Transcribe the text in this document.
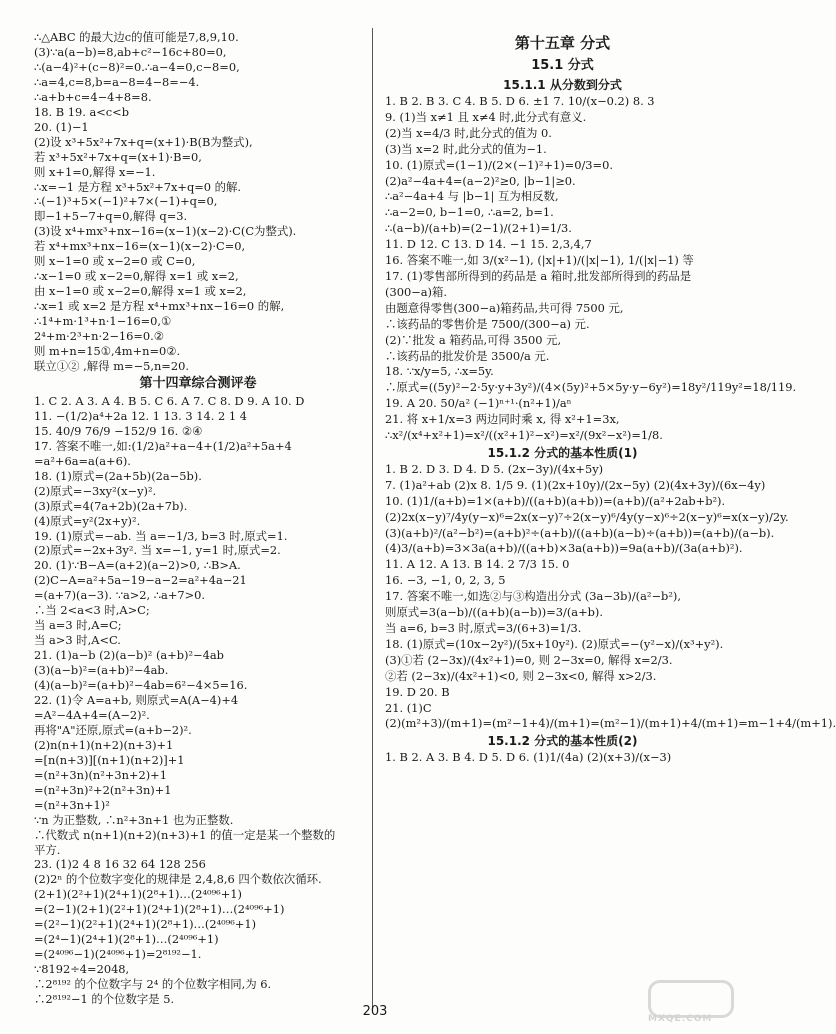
∴△ABC 的最大边c的值可能是7,8,9,10.
(3)∵a(a−b)=8,ab+c²−16c+80=0,
∴(a−4)²+(c−8)²=0.∴a−4=0,c−8=0,
∴a=4,c=8,b=a−8=4−8=−4.
∴a+b+c=4−4+8=8.
18. B 19. a<c<b
20. (1)−1
(2)设 x³+5x²+7x+q=(x+1)·B(B为整式),
若 x³+5x²+7x+q=(x+1)·B=0,
则 x+1=0,解得 x=−1.
∴x=−1 是方程 x³+5x²+7x+q=0 的解.
∴(−1)³+5×(−1)²+7×(−1)+q=0,
即−1+5−7+q=0,解得 q=3.
(3)设 x⁴+mx³+nx−16=(x−1)(x−2)·C(C为整式).
若 x⁴+mx³+nx−16=(x−1)(x−2)·C=0,
则 x−1=0 或 x−2=0 或 C=0,
∴x−1=0 或 x−2=0,解得 x=1 或 x=2,
由 x−1=0 或 x−2=0,解得 x=1 或 x=2,
∴x=1 或 x=2 是方程 x⁴+mx³+nx−16=0 的解,
∴1⁴+m·1³+n·1−16=0,①
2⁴+m·2³+n·2−16=0.②
则 m+n=15①,4m+n=0②.
联立①② ,解得 m=−5,n=20.
第十四章综合测评卷
1. C 2. A 3. A 4. B 5. C 6. A 7. C 8. D 9. A 10. D
11. −(1/2)a⁴+2a 12. 1 13. 3 14. 2 1 4
15. 40/9 76/9 −152/9 16. ②④
17. 答案不唯一,如:(1/2)a²+a−4+(1/2)a²+5a+4
=a²+6a=a(a+6).
18. (1)原式=(2a+5b)(2a−5b).
(2)原式=−3xy²(x−y)².
(3)原式=4(7a+2b)(2a+7b).
(4)原式=y²(2x+y)².
19. (1)原式=−ab. 当 a=−1/3, b=3 时,原式=1.
(2)原式=−2x+3y². 当 x=−1, y=1 时,原式=2.
20. (1)∵B−A=(a+2)(a−2)>0, ∴B>A.
(2)C−A=a²+5a−19−a−2=a²+4a−21
=(a+7)(a−3). ∵a>2, ∴a+7>0.
∴当 2<a<3 时,A>C;
当 a=3 时,A=C;
当 a>3 时,A<C.
21. (1)a−b (2)(a−b)² (a+b)²−4ab
(3)(a−b)²=(a+b)²−4ab.
(4)(a−b)²=(a+b)²−4ab=6²−4×5=16.
22. (1)令 A=a+b, 则原式=A(A−4)+4
=A²−4A+4=(A−2)².
再将"A"还原,原式=(a+b−2)².
(2)n(n+1)(n+2)(n+3)+1
=[n(n+3)][(n+1)(n+2)]+1
=(n²+3n)(n²+3n+2)+1
=(n²+3n)²+2(n²+3n)+1
=(n²+3n+1)²
∵n 为正整数, ∴n²+3n+1 也为正整数.
∴代数式 n(n+1)(n+2)(n+3)+1 的值一定是某一个整数的
平方.
23. (1)2 4 8 16 32 64 128 256
(2)2ⁿ 的个位数字变化的规律是 2,4,8,6 四个数依次循环.
(2+1)(2²+1)(2⁴+1)(2⁸+1)…(2⁴⁰⁹⁶+1)
=(2−1)(2+1)(2²+1)(2⁴+1)(2⁸+1)…(2⁴⁰⁹⁶+1)
=(2²−1)(2²+1)(2⁴+1)(2⁸+1)…(2⁴⁰⁹⁶+1)
=(2⁴−1)(2⁴+1)(2⁸+1)…(2⁴⁰⁹⁶+1)
=(2⁴⁰⁹⁶−1)(2⁴⁰⁹⁶+1)=2⁸¹⁹²−1.
∵8192÷4=2048,
∴2⁸¹⁹² 的个位数字与 2⁴ 的个位数字相同,为 6.
∴2⁸¹⁹²−1 的个位数字是 5.
第十五章 分式
15.1 分式
15.1.1 从分数到分式
1. B 2. B 3. C 4. B 5. D 6. ±1 7. 10/(x−0.2) 8. 3
9. (1)当 x≠1 且 x≠4 时,此分式有意义.
(2)当 x=4/3 时,此分式的值为 0.
(3)当 x=2 时,此分式的值为−1.
10. (1)原式=(1−1)/(2×(−1)²+1)=0/3=0.
(2)a²−4a+4=(a−2)²≥0, |b−1|≥0.
∴a²−4a+4 与 |b−1| 互为相反数,
∴a−2=0, b−1=0, ∴a=2, b=1.
∴(a−b)/(a+b)=(2−1)/(2+1)=1/3.
11. D 12. C 13. D 14. −1 15. 2,3,4,7
16. 答案不唯一,如 3/(x²−1), (|x|+1)/(|x|−1), 1/(|x|−1) 等
17. (1)零售部所得到的药品是 a 箱时,批发部所得到的药品是
(300−a)箱.
由题意得零售(300−a)箱药品,共可得 7500 元,
∴该药品的零售价是 7500/(300−a) 元.
(2)∵批发 a 箱药品,可得 3500 元,
∴该药品的批发价是 3500/a 元.
18. ∵x/y=5, ∴x=5y.
∴原式=((5y)²−2·5y·y+3y²)/(4×(5y)²+5×5y·y−6y²)=18y²/119y²=18/119.
19. A 20. 50/a² (−1)ⁿ⁺¹·(n²+1)/aⁿ
21. 将 x+1/x=3 两边同时乘 x, 得 x²+1=3x,
∴x²/(x⁴+x²+1)=x²/((x²+1)²−x²)=x²/(9x²−x²)=1/8.
15.1.2 分式的基本性质(1)
1. B 2. D 3. D 4. D 5. (2x−3y)/(4x+5y)
7. (1)a²+ab (2)x 8. 1/5 9. (1)(2x+10y)/(2x−5y) (2)(4x+3y)/(6x−4y)
10. (1)1/(a+b)=1×(a+b)/((a+b)(a+b))=(a+b)/(a²+2ab+b²).
(2)2x(x−y)⁷/4y(y−x)⁶=2x(x−y)⁷÷2(x−y)⁶/4y(y−x)⁶÷2(x−y)⁶=x(x−y)/2y.
(3)(a+b)²/(a²−b²)=(a+b)²÷(a+b)/((a+b)(a−b)÷(a+b))=(a+b)/(a−b).
(4)3/(a+b)=3×3a(a+b)/((a+b)×3a(a+b))=9a(a+b)/(3a(a+b)²).
11. A 12. A 13. B 14. 2 7/3 15. 0
16. −3, −1, 0, 2, 3, 5
17. 答案不唯一,如选②与③构造出分式 (3a−3b)/(a²−b²),
则原式=3(a−b)/((a+b)(a−b))=3/(a+b).
当 a=6, b=3 时,原式=3/(6+3)=1/3.
18. (1)原式=(10x−2y²)/(5x+10y²). (2)原式=−(y²−x)/(x³+y²).
(3)①若 (2−3x)/(4x²+1)=0, 则 2−3x=0, 解得 x=2/3.
②若 (2−3x)/(4x²+1)<0, 则 2−3x<0, 解得 x>2/3.
19. D 20. B
21. (1)C
(2)(m²+3)/(m+1)=(m²−1+4)/(m+1)=(m²−1)/(m+1)+4/(m+1)=m−1+4/(m+1).
15.1.2 分式的基本性质(2)
1. B 2. A 3. B 4. D 5. D 6. (1)1/(4a) (2)(x+3)/(x−3)
203	MXQE.COM
